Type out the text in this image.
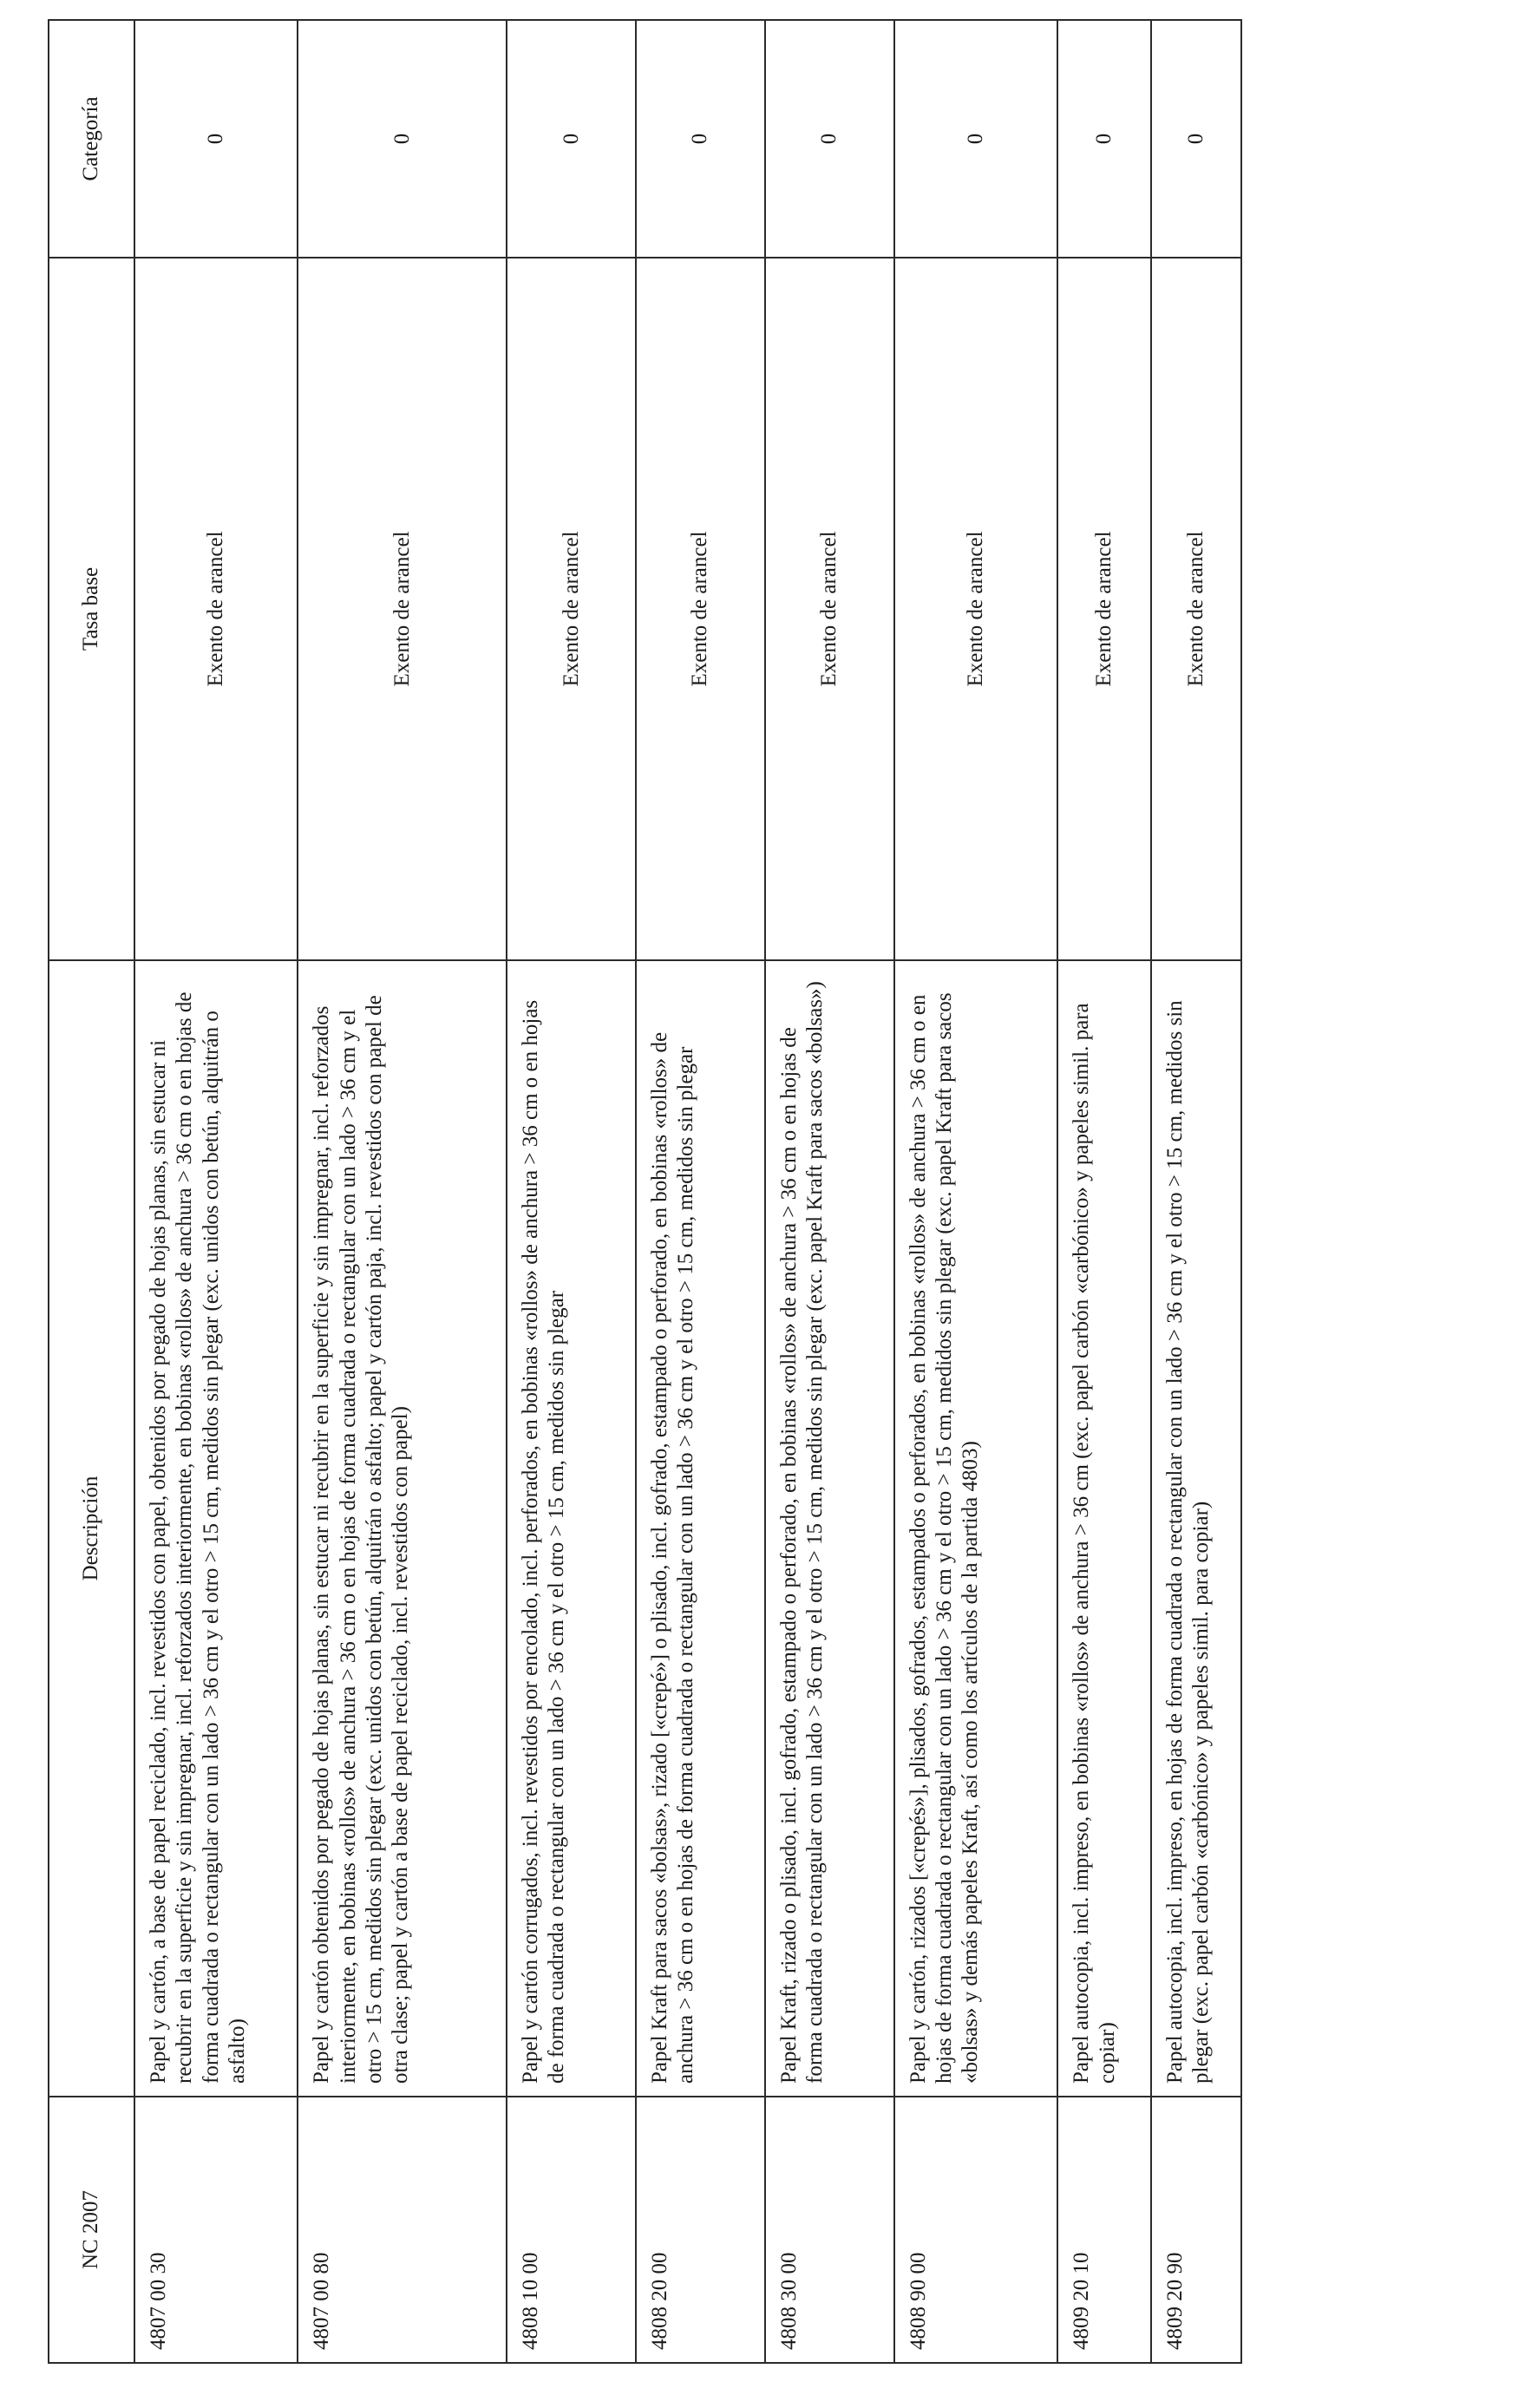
NC 2007	Descripción	Tasa base	Categoría
4807 00 30	Papel y cartón, a base de papel reciclado, incl. revestidos con papel, obtenidos por pegado de hojas planas, sin estucar ni recubrir en la superficie y sin impregnar, incl. reforzados interiormente, en bobinas «rollos» de anchura > 36 cm o en hojas de forma cuadrada o rectangular con un lado > 36 cm y el otro > 15 cm, medidos sin plegar (exc. unidos con betún, alquitrán o asfalto)	Exento de arancel	0
4807 00 80	Papel y cartón obtenidos por pegado de hojas planas, sin estucar ni recubrir en la superficie y sin impregnar, incl. reforzados interiormente, en bobinas «rollos» de anchura > 36 cm o en hojas de forma cuadrada o rectangular con un lado > 36 cm y el otro > 15 cm, medidos sin plegar (exc. unidos con betún, alquitrán o asfalto; papel y cartón paja, incl. revestidos con papel de otra clase; papel y cartón a base de papel reciclado, incl. revestidos con papel)	Exento de arancel	0
4808 10 00	Papel y cartón corrugados, incl. revestidos por encolado, incl. perforados, en bobinas «rollos» de anchura > 36 cm o en hojas de forma cuadrada o rectangular con un lado > 36 cm y el otro > 15 cm, medidos sin plegar	Exento de arancel	0
4808 20 00	Papel Kraft para sacos «bolsas», rizado [«crepé»] o plisado, incl. gofrado, estampado o perforado, en bobinas «rollos» de anchura > 36 cm o en hojas de forma cuadrada o rectangular con un lado > 36 cm y el otro > 15 cm, medidos sin plegar	Exento de arancel	0
4808 30 00	Papel Kraft, rizado o plisado, incl. gofrado, estampado o perforado, en bobinas «rollos» de anchura > 36 cm o en hojas de forma cuadrada o rectangular con un lado > 36 cm y el otro > 15 cm, medidos sin plegar (exc. papel Kraft para sacos «bolsas»)	Exento de arancel	0
4808 90 00	Papel y cartón, rizados [«crepés»], plisados, gofrados, estampados o perforados, en bobinas «rollos» de anchura > 36 cm o en hojas de forma cuadrada o rectangular con un lado > 36 cm y el otro > 15 cm, medidos sin plegar (exc. papel Kraft para sacos «bolsas» y demás papeles Kraft, así como los artículos de la partida 4803)	Exento de arancel	0
4809 20 10	Papel autocopia, incl. impreso, en bobinas «rollos» de anchura > 36 cm (exc. papel carbón «carbónico» y papeles simil. para copiar)	Exento de arancel	0
4809 20 90	Papel autocopia, incl. impreso, en hojas de forma cuadrada o rectangular con un lado > 36 cm y el otro > 15 cm, medidos sin plegar (exc. papel carbón «carbónico» y papeles simil. para copiar)	Exento de arancel	0
